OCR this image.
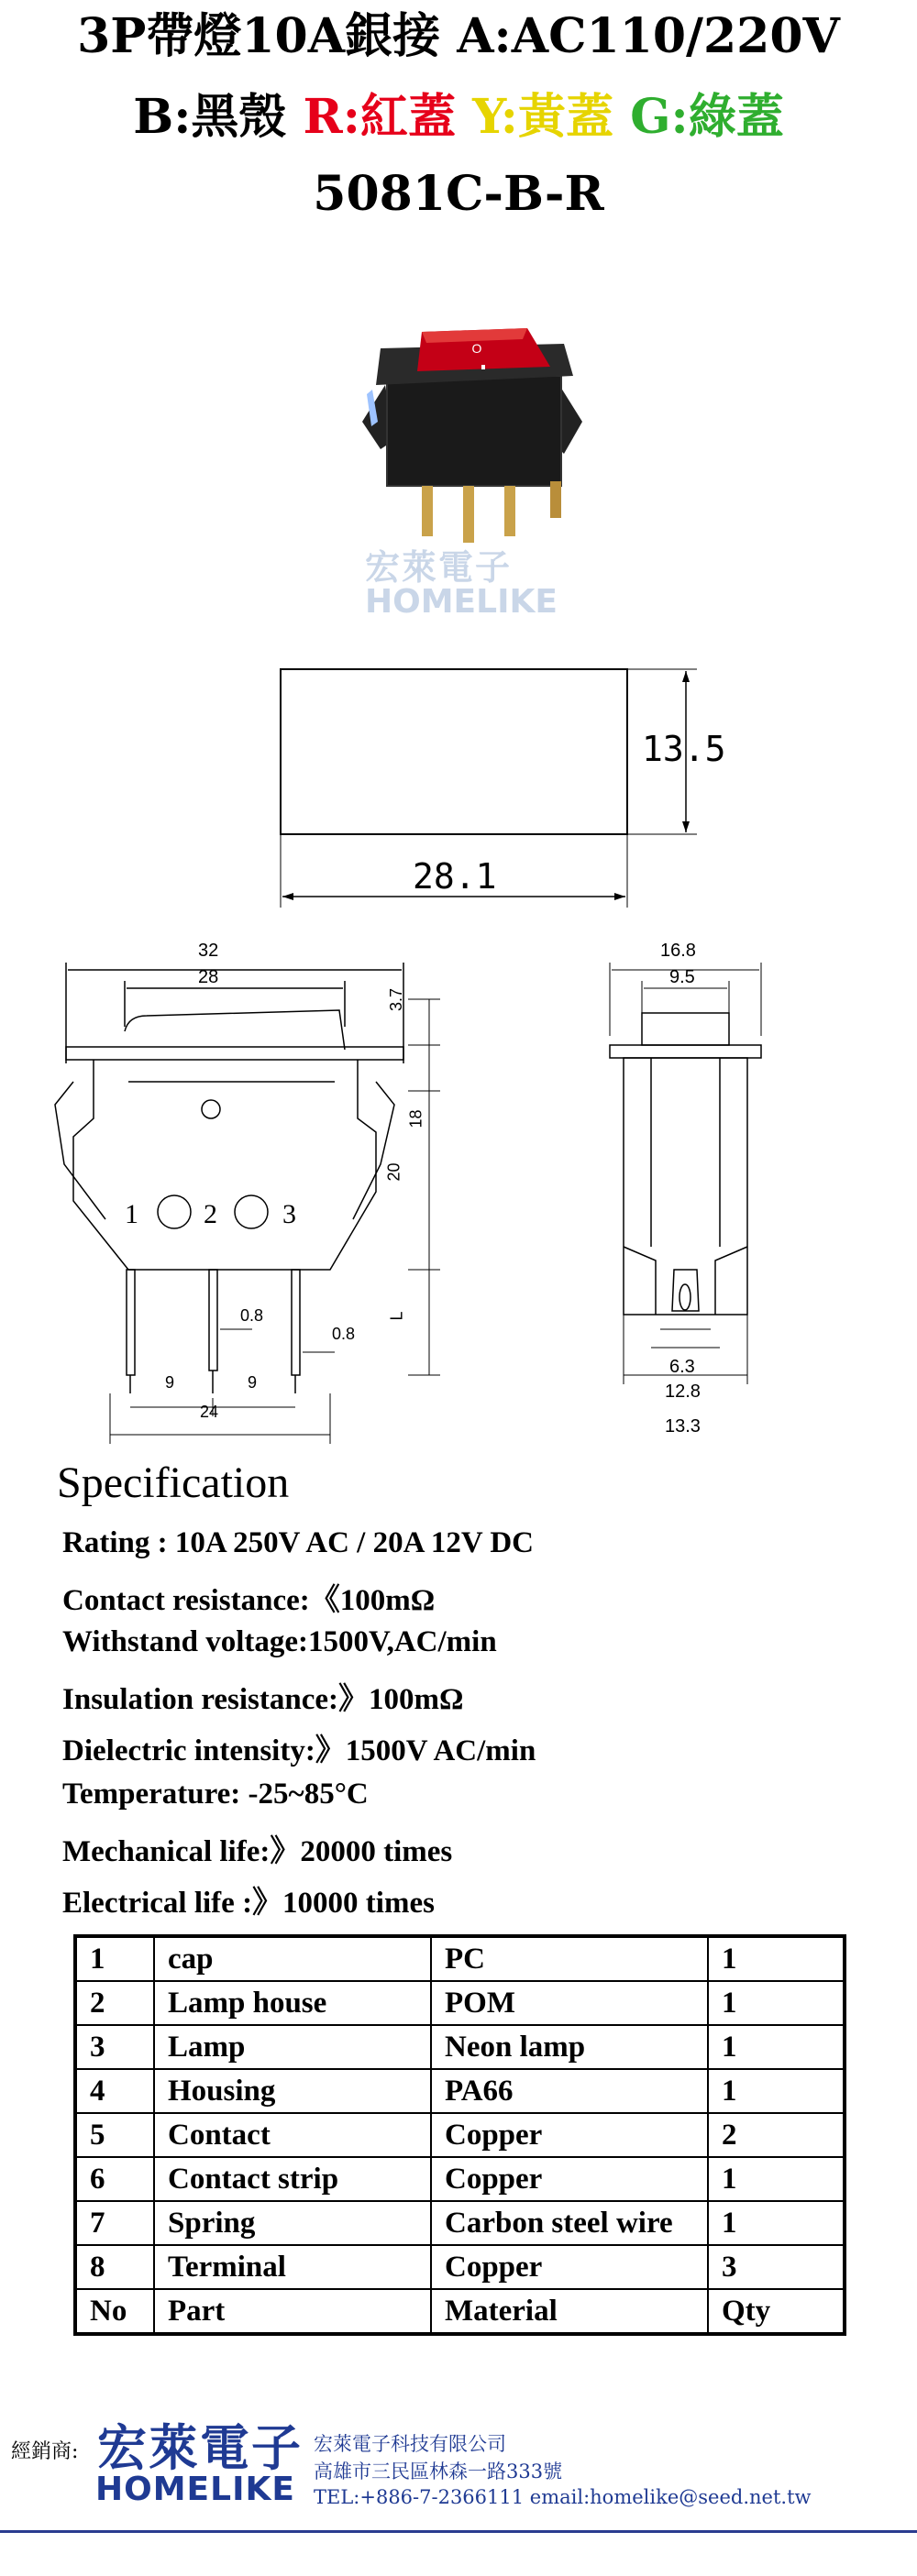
3P帶燈10A銀接 A:AC110/220V
B:黑殼 R:紅蓋 Y:黃蓋 G:綠蓋
5081C-B-R
O
宏萊電子
HOMELIKE
13.5
28.1
32
28
3.7
18
20
L
1 2 3
0.8
0.8
9	9
24
16.8
9.5
6.3
12.8
13.3
Specification
Rating : 10A 250V AC / 20A 12V DC
Contact resistance:《100mΩ
Withstand voltage:1500V,AC/min
Insulation resistance:》100mΩ
Dielectric intensity:》1500V AC/min
Temperature: -25~85°C
Mechanical life:》20000 times
Electrical life :》10000 times
1	cap	PC	1
2	Lamp house	POM	1
3	Lamp	Neon lamp	1
4	Housing	PA66	1
5	Contact	Copper	2
6	Contact strip	Copper	1
7	Spring	Carbon steel wire	1
8	Terminal	Copper	3
No	Part	Material	Qty
經銷商: 宏萊電子
HOMELIKE
宏萊電子科技有限公司
高雄市三民區林森一路333號
TEL:+886-7-2366111 email:homelike@seed.net.tw
